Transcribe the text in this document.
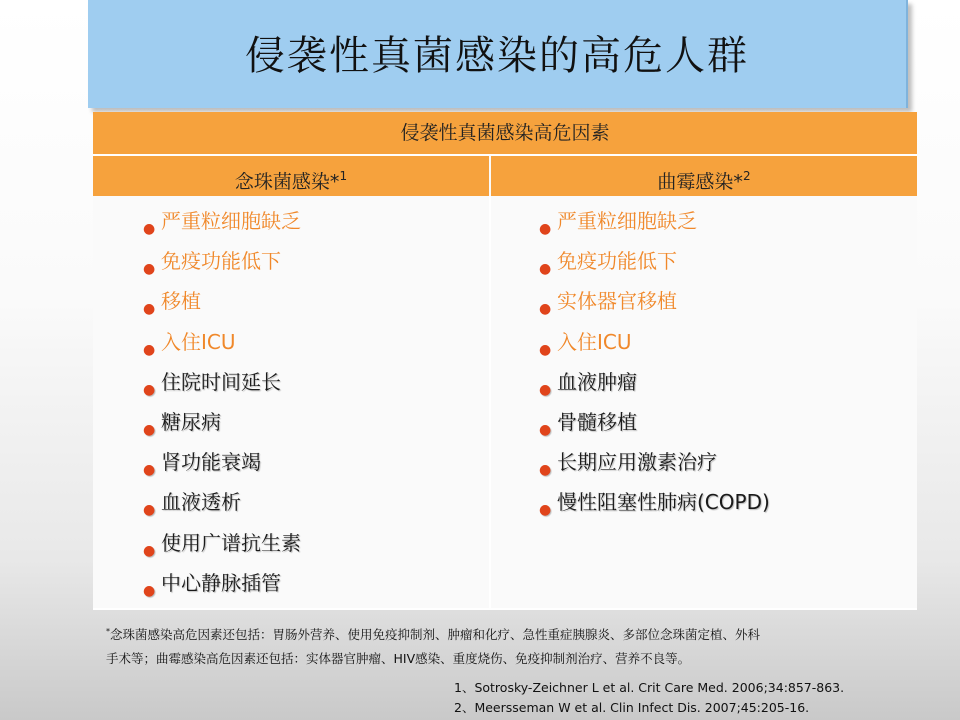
侵袭性真菌感染的高危人群
侵袭性真菌感染高危因素
念珠菌感染*$^1$	曲霉感染*$^2$
● 严重粒细胞缺乏
● 免疫功能低下
● 移植
● 入住ICU
● 住院时间延长
● 糖尿病
● 肾功能衰竭
● 血液透析
● 使用广谱抗生素
● 中心静脉插管
● 严重粒细胞缺乏
● 免疫功能低下
● 实体器官移植
● 入住ICU
● 血液肿瘤
● 骨髓移植
● 长期应用激素治疗
● 慢性阻塞性肺病(COPD)
*念珠菌感染高危因素还包括：胃肠外营养、使用免疫抑制剂、肿瘤和化疗、急性重症胰腺炎、多部位念珠菌定植、外科
手术等；曲霉感染高危因素还包括：实体器官肿瘤、HIV感染、重度烧伤、免疫抑制剂治疗、营养不良等。
1、Sotrosky-Zeichner L et al. Crit Care Med. 2006;34:857-863.
2、Meersseman W et al. Clin Infect Dis. 2007;45:205-16.
